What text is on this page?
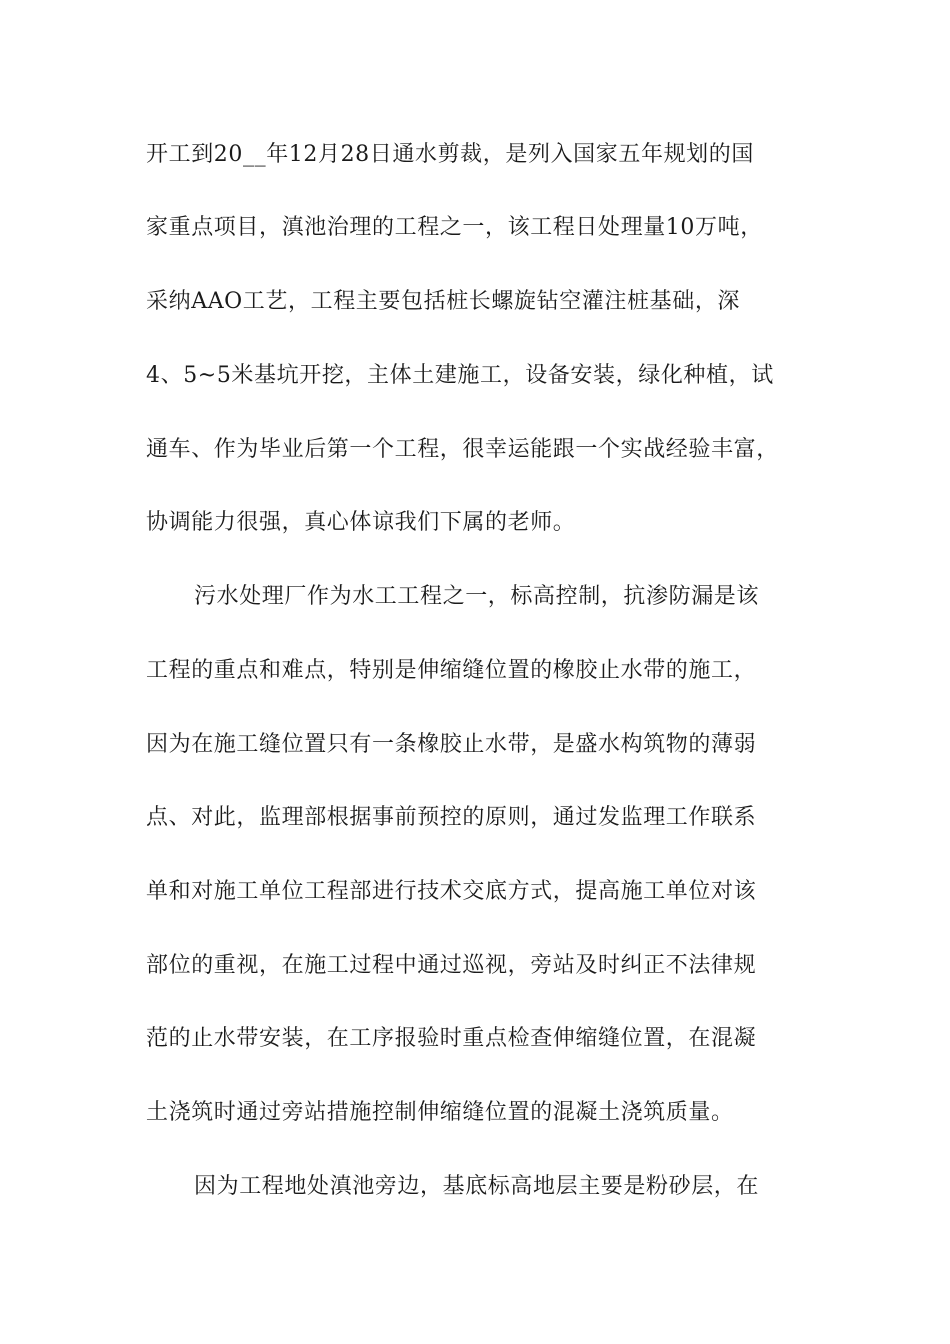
开工到20__年12月28日通水剪裁，是列入国家五年规划的国

家重点项目，滇池治理的工程之一，该工程日处理量10万吨，

采纳AAO工艺，工程主要包括桩长螺旋钻空灌注桩基础，深

4、5~5米基坑开挖，主体土建施工，设备安装，绿化种植，试

通车、作为毕业后第一个工程，很幸运能跟一个实战经验丰富，

协调能力很强，真心体谅我们下属的老师。

污水处理厂作为水工工程之一，标高控制，抗渗防漏是该

工程的重点和难点，特别是伸缩缝位置的橡胶止水带的施工，

因为在施工缝位置只有一条橡胶止水带，是盛水构筑物的薄弱

点、对此，监理部根据事前预控的原则，通过发监理工作联系

单和对施工单位工程部进行技术交底方式，提高施工单位对该

部位的重视，在施工过程中通过巡视，旁站及时纠正不法律规

范的止水带安装，在工序报验时重点检查伸缩缝位置，在混凝

土浇筑时通过旁站措施控制伸缩缝位置的混凝土浇筑质量。

因为工程地处滇池旁边，基底标高地层主要是粉砂层，在
